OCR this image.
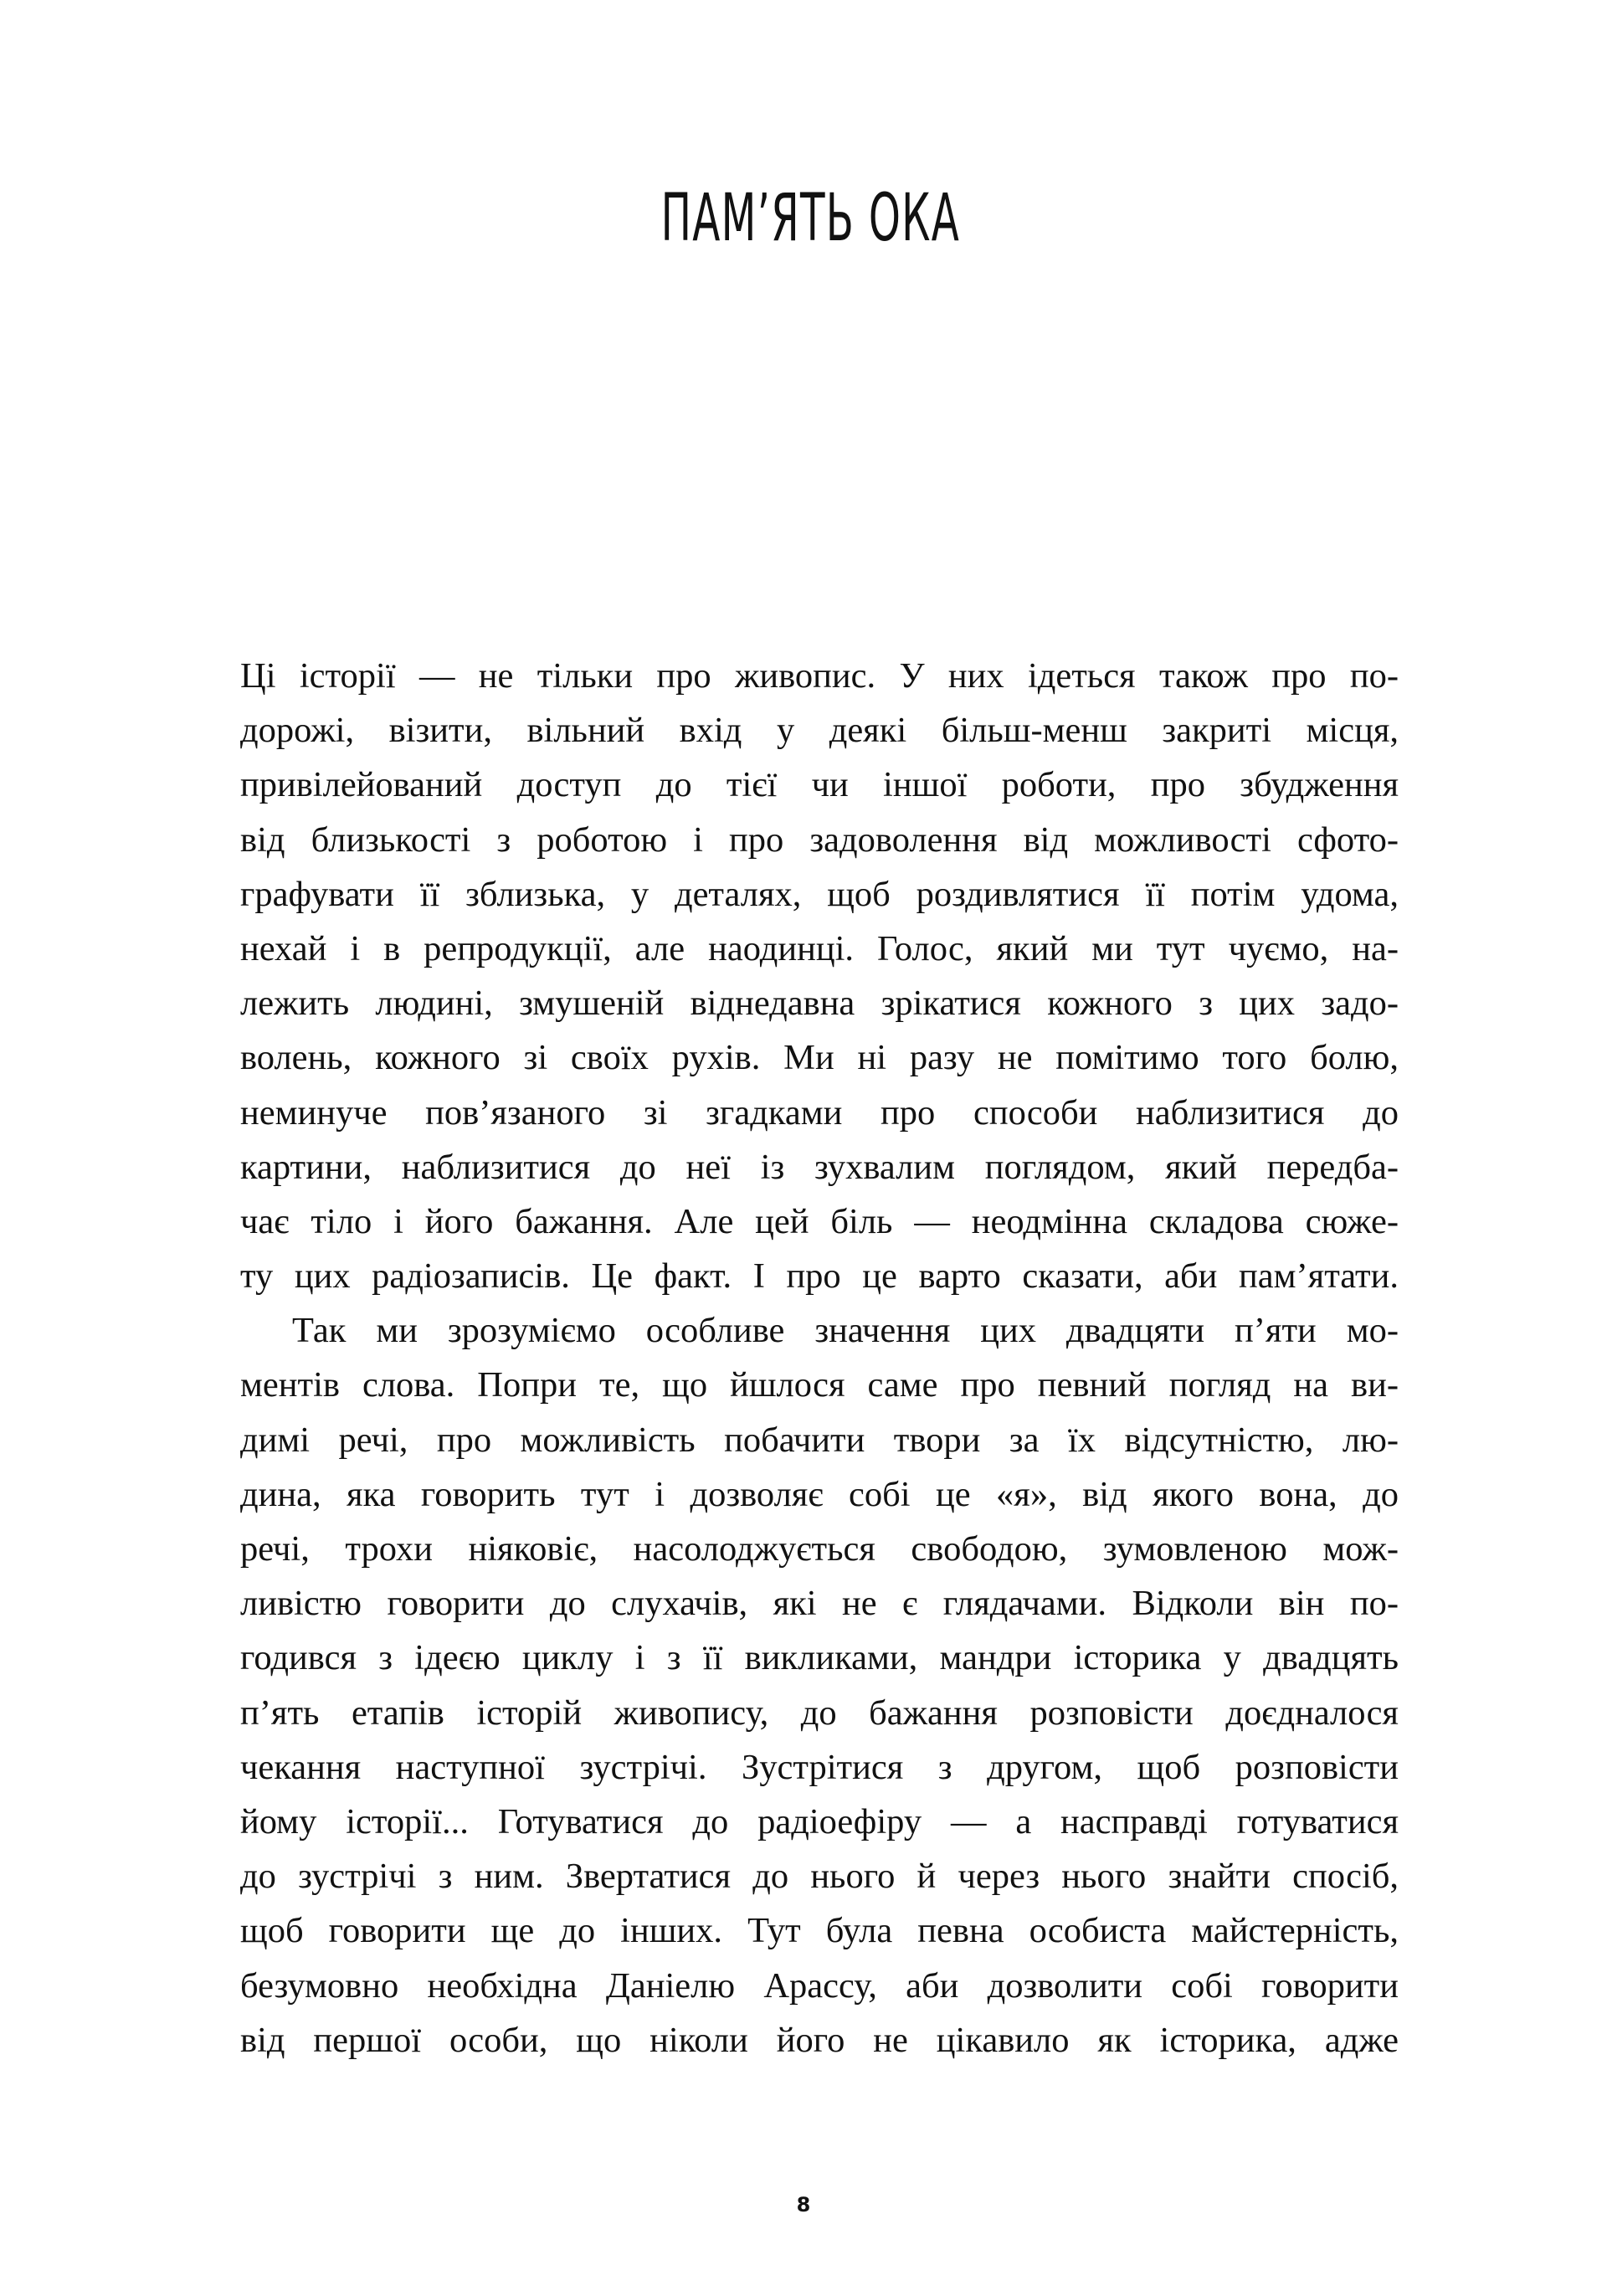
ПАМ’ЯТЬ ОКА
Ці історії — не тільки про живопис. У них ідеться також про по-
дорожі, візити, вільний вхід у деякі більш-менш закриті місця,
привілейований доступ до тієї чи іншої роботи, про збудження
від близькості з роботою і про задоволення від можливості сфото-
графувати її зблизька, у деталях, щоб роздивлятися її потім удома,
нехай і в репродукції, але наодинці. Голос, який ми тут чуємо, на-
лежить людині, змушеній віднедавна зрікатися кожного з цих задо-
волень, кожного зі своїх рухів. Ми ні разу не помітимо того болю,
неминуче пов’язаного зі згадками про способи наблизитися до
картини, наблизитися до неї із зухвалим поглядом, який передба-
чає тіло і його бажання. Але цей біль — неодмінна складова сюже-
ту цих радіозаписів. Це факт. І про це варто сказати, аби пам’ятати.
Так ми зрозуміємо особливе значення цих двадцяти п’яти мо-
ментів слова. Попри те, що йшлося саме про певний погляд на ви-
димі речі, про можливість побачити твори за їх відсутністю, лю-
дина, яка говорить тут і дозволяє собі це «я», від якого вона, до
речі, трохи ніяковіє, насолоджується свободою, зумовленою мож-
ливістю говорити до слухачів, які не є глядачами. Відколи він по-
годився з ідеєю циклу і з її викликами, мандри історика у двадцять
п’ять етапів історій живопису, до бажання розповісти доєдналося
чекання наступної зустрічі. Зустрітися з другом, щоб розповісти
йому історії... Готуватися до радіоефіру — а насправді готуватися
до зустрічі з ним. Звертатися до нього й через нього знайти спосіб,
щоб говорити ще до інших. Тут була певна особиста майстерність,
безумовно необхідна Даніелю Арассу, аби дозволити собі говорити
від першої особи, що ніколи його не цікавило як історика, адже
8
